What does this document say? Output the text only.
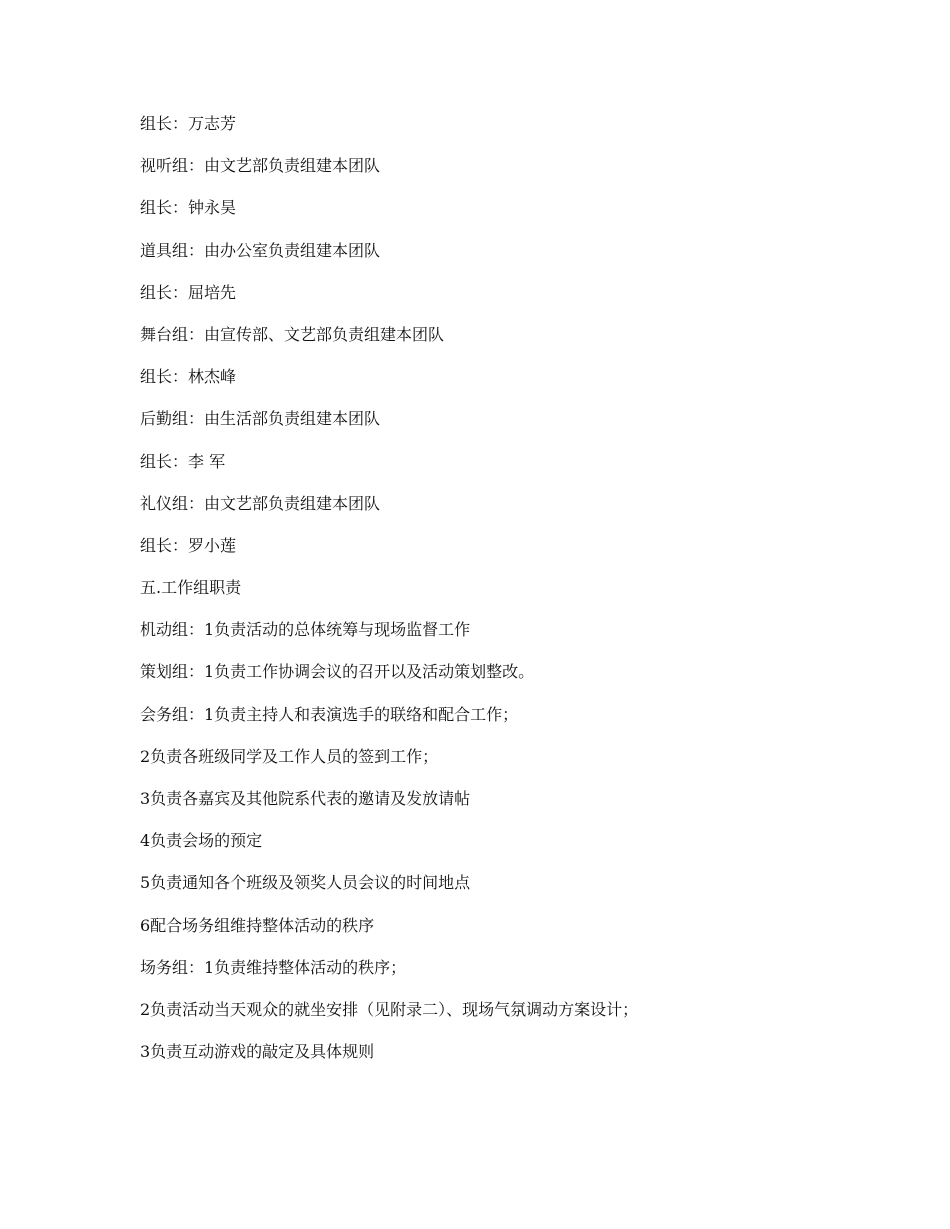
组长：万志芳

视听组：由文艺部负责组建本团队

组长：钟永昊

道具组：由办公室负责组建本团队

组长：屈培先

舞台组：由宣传部、文艺部负责组建本团队

组长：林杰峰

后勤组：由生活部负责组建本团队

组长：李 军

礼仪组：由文艺部负责组建本团队

组长：罗小莲

五.工作组职责

机动组：1负责活动的总体统筹与现场监督工作

策划组：1负责工作协调会议的召开以及活动策划整改。

会务组：1负责主持人和表演选手的联络和配合工作；

2负责各班级同学及工作人员的签到工作；

3负责各嘉宾及其他院系代表的邀请及发放请帖

4负责会场的预定

5负责通知各个班级及领奖人员会议的时间地点

6配合场务组维持整体活动的秩序

场务组：1负责维持整体活动的秩序；

2负责活动当天观众的就坐安排（见附录二）、现场气氛调动方案设计；

3负责互动游戏的敲定及具体规则
